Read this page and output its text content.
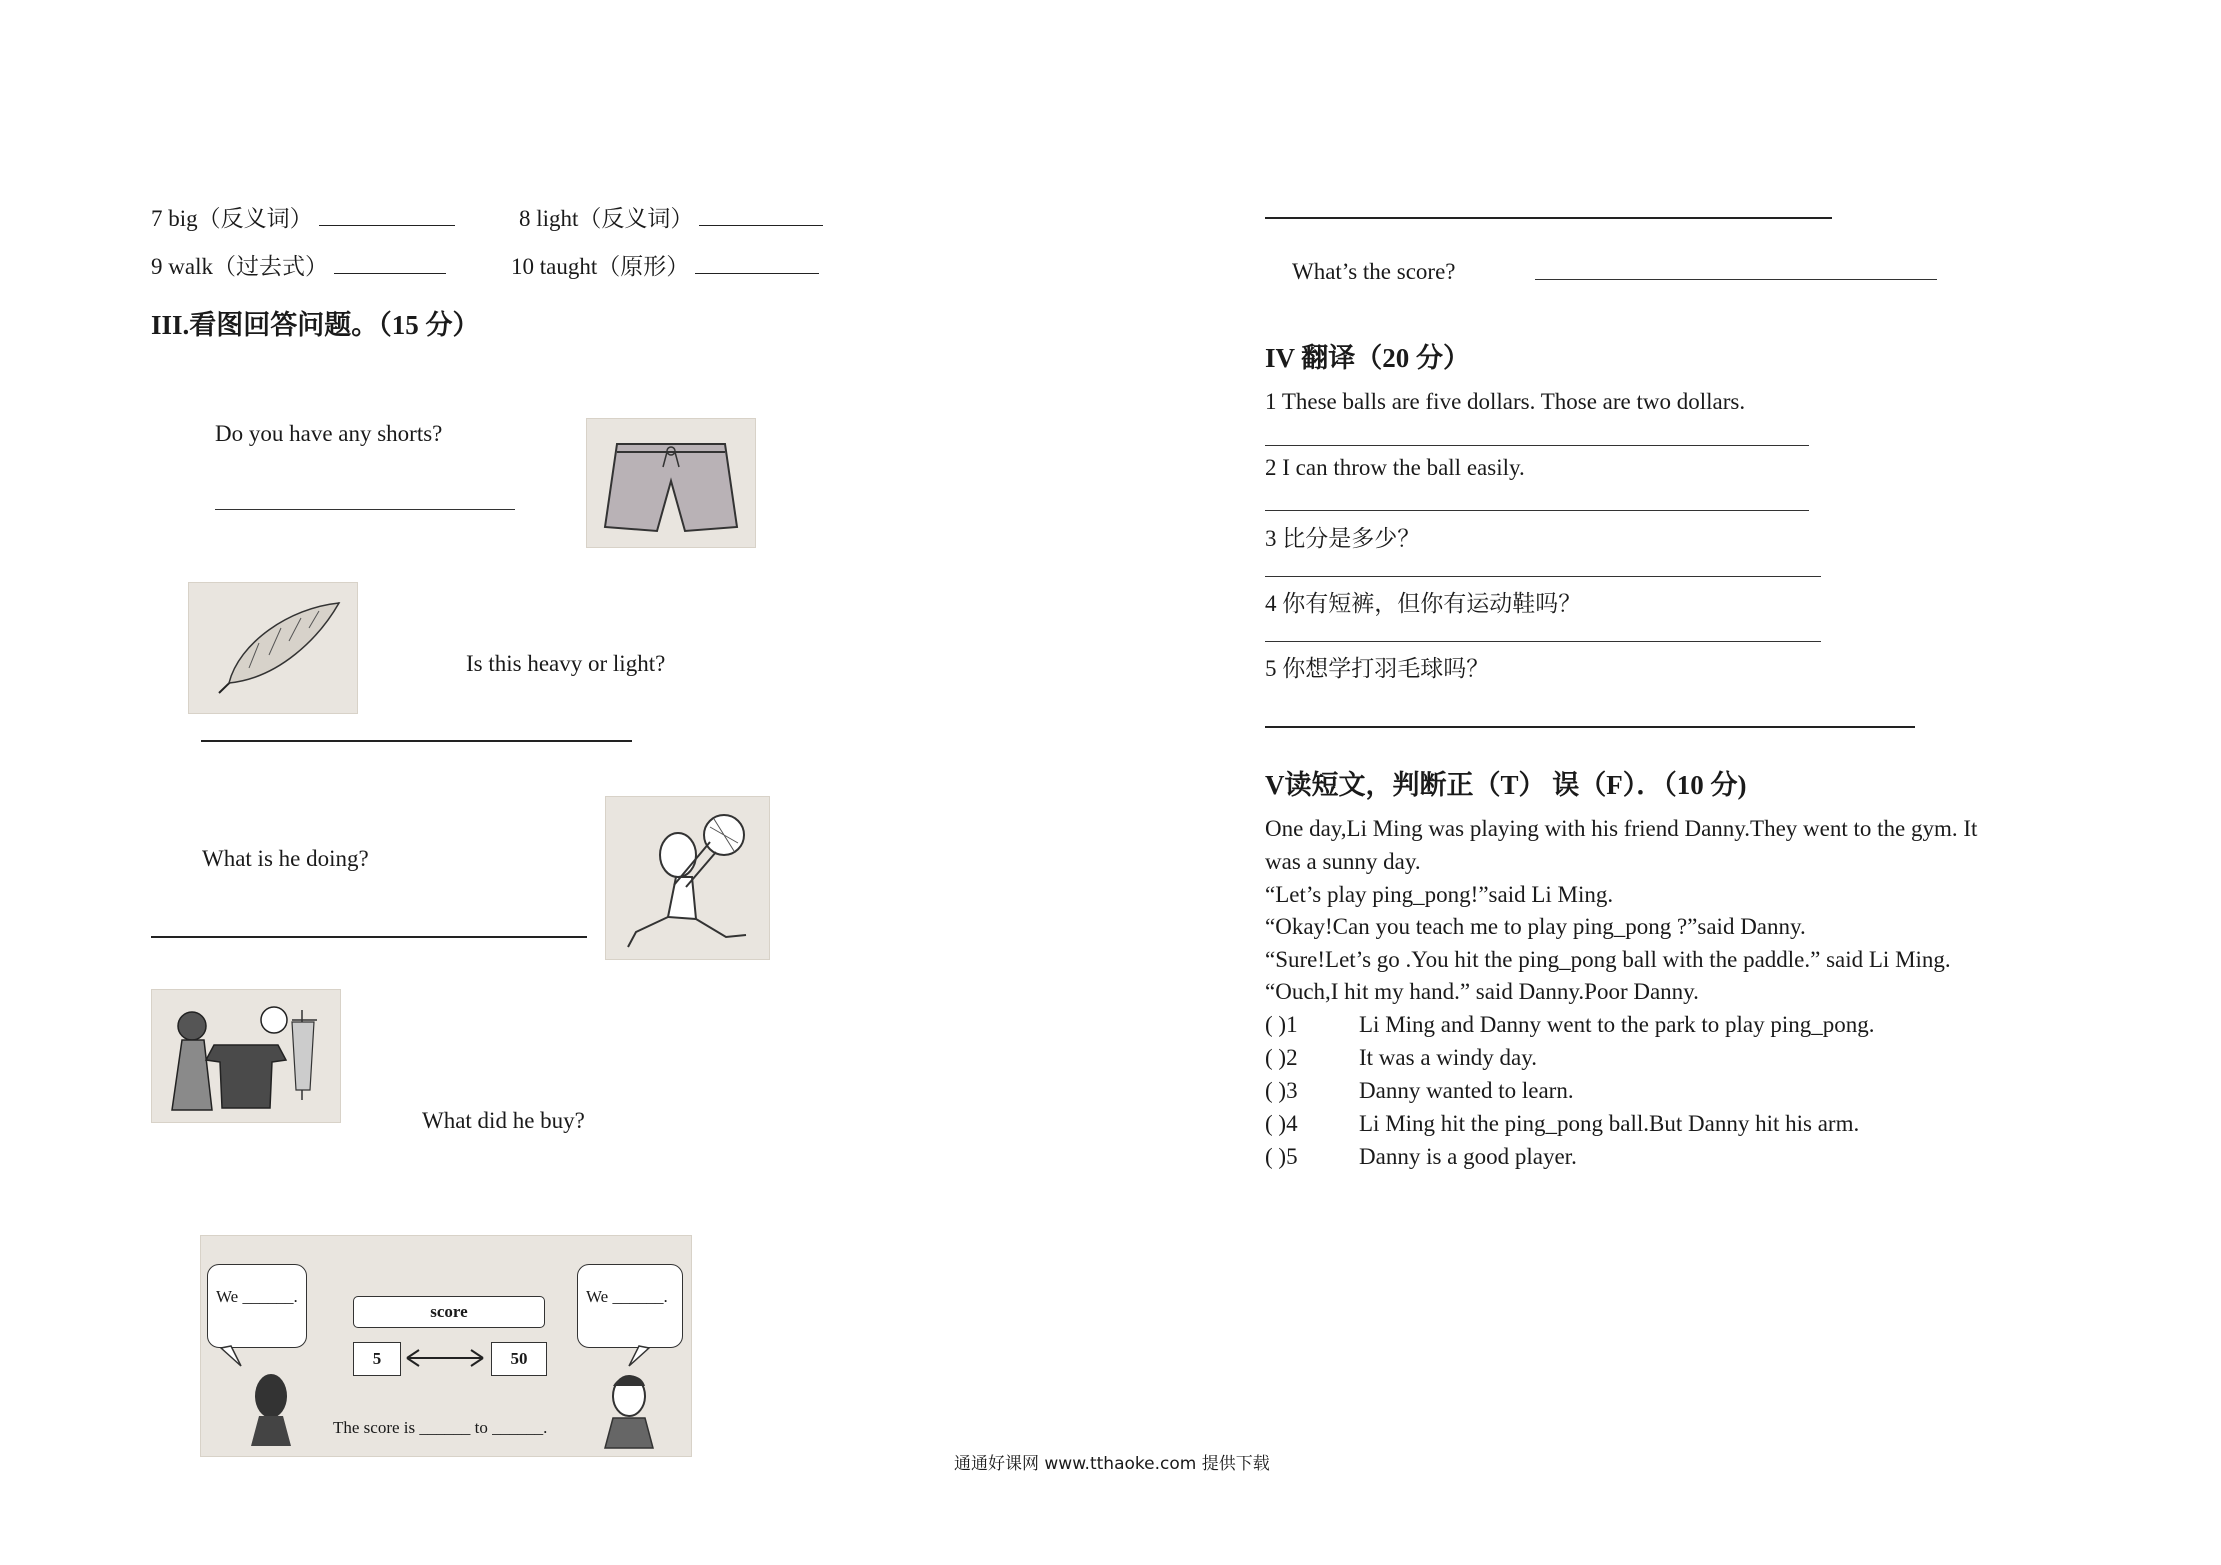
7 big（反义词）	8 light（反义词）
9 walk（过去式）	10 taught（原形）
III.看图回答问题。（15 分）
Do you have any shorts?
Is this heavy or light?
What is he doing?
What did he buy?
We ______.	We ______.
score
5	50
The score is ______ to ______.
What’s the score?
IV 翻译（20 分）
1 These balls are five dollars. Those are two dollars.
2 I can throw the ball easily.
3 比分是多少？
4 你有短裤，但你有运动鞋吗？
5 你想学打羽毛球吗？
V读短文，判断正（T） 误（F）．（10 分)
One day,Li Ming was playing with his friend Danny.They went to the gym. It
was a sunny day.
“Let’s play ping_pong!”said Li Ming.
“Okay!Can you teach me to play ping_pong ?”said Danny.
“Sure!Let’s go .You hit the ping_pong ball with the paddle.” said Li Ming.
“Ouch,I hit my hand.” said Danny.Poor Danny.
( )1	Li Ming and Danny went to the park to play ping_pong.
( )2	It was a windy day.
( )3	Danny wanted to learn.
( )4	Li Ming hit the ping_pong ball.But Danny hit his arm.
( )5	Danny is a good player.
通通好课网 www.tthaoke.com 提供下载
